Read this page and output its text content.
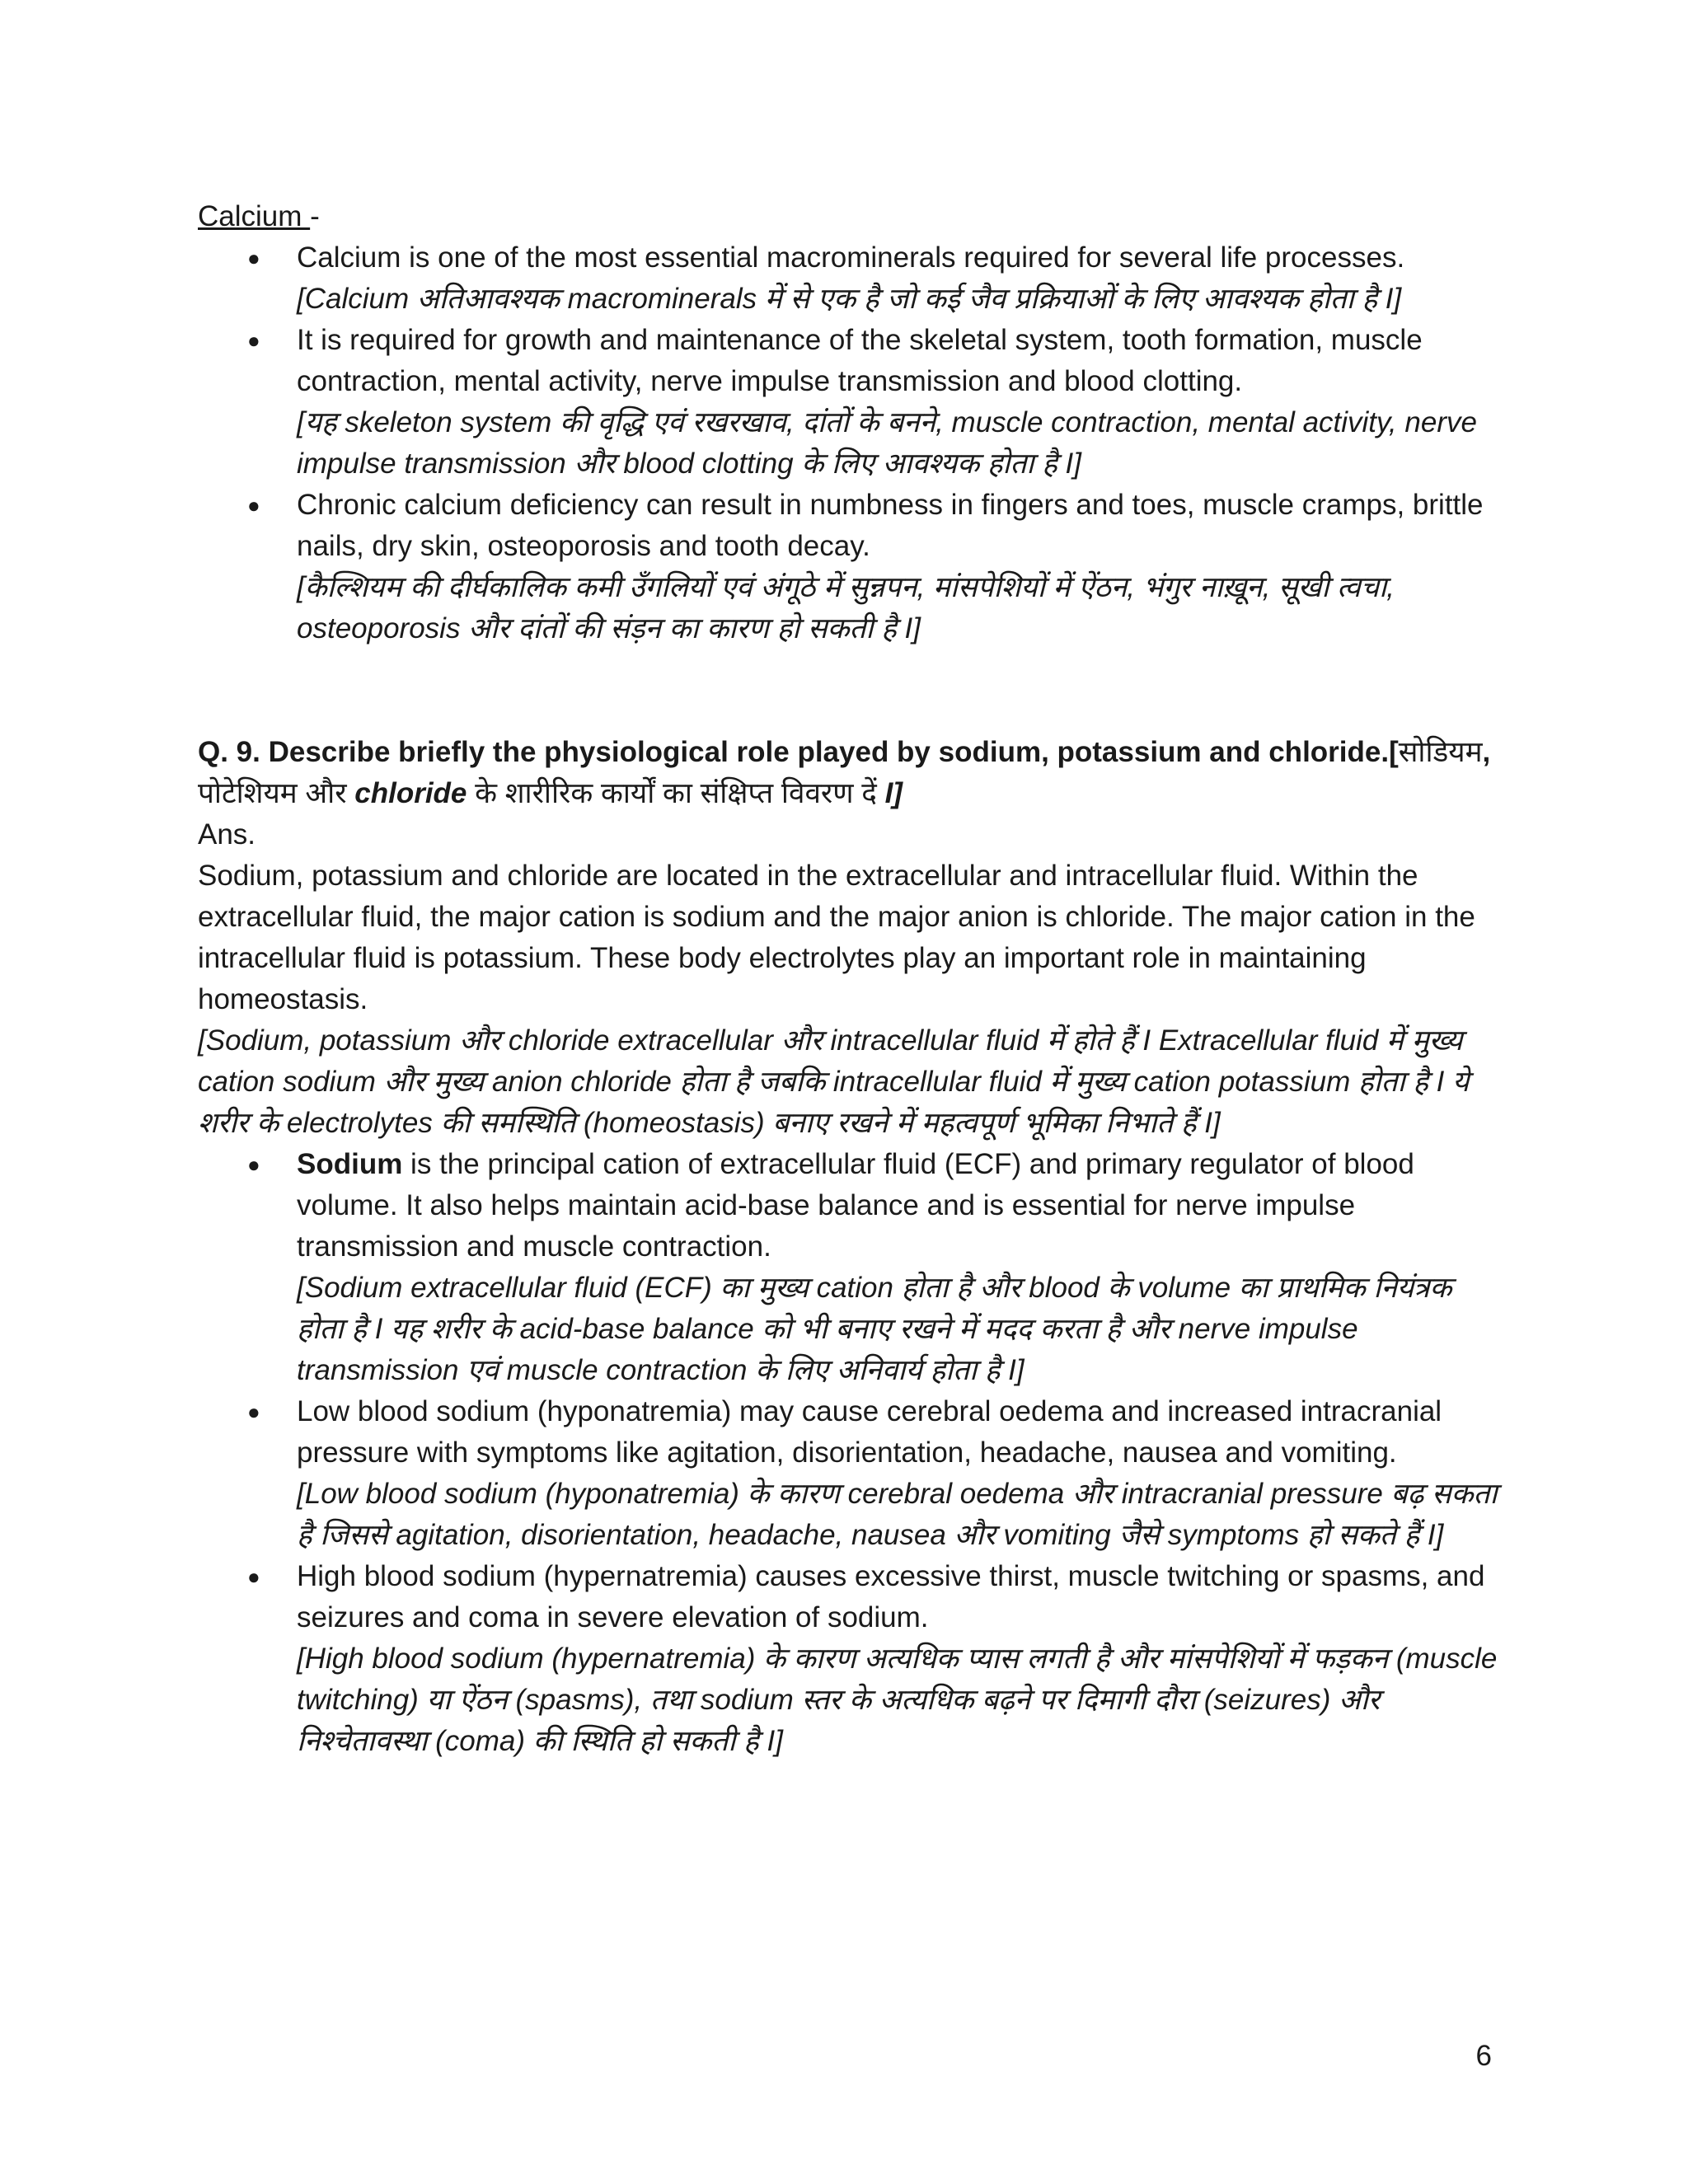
Calcium -
● Calcium is one of the most essential macrominerals required for several life processes.
[Calcium अतिआवश्यक macrominerals में से एक है जो कई जैव प्रक्रियाओं के लिए आवश्यक होता है I]
● It is required for growth and maintenance of the skeletal system, tooth formation, muscle contraction, mental activity, nerve impulse transmission and blood clotting.
[यह skeleton system की वृद्धि एवं रखरखाव, दांतों के बनने, muscle contraction, mental activity, nerve impulse transmission और blood clotting के लिए आवश्यक होता है I]
● Chronic calcium deficiency can result in numbness in fingers and toes, muscle cramps, brittle nails, dry skin, osteoporosis and tooth decay.
[कैल्शियम की दीर्घकालिक कमी उँगलियों एवं अंगूठे में सुन्नपन, मांसपेशियों में ऐंठन, भंगुर नाख़ून, सूखी त्वचा, osteoporosis और दांतों की संड़न का कारण हो सकती है I]
Q. 9. Describe briefly the physiological role played by sodium, potassium and chloride.[सोडियम, पोटेशियम और chloride के शारीरिक कार्यों का संक्षिप्त विवरण दें I]
Ans.

Sodium, potassium and chloride are located in the extracellular and intracellular fluid. Within the extracellular fluid, the major cation is sodium and the major anion is chloride. The major cation in the intracellular fluid is potassium. These body electrolytes play an important role in maintaining homeostasis.

[Sodium, potassium और chloride extracellular और intracellular fluid में होते हैं I Extracellular fluid में मुख्य cation sodium और मुख्य anion chloride होता है जबकि intracellular fluid में मुख्य cation potassium होता है I ये शरीर के electrolytes की समस्थिति (homeostasis) बनाए रखने में महत्वपूर्ण भूमिका निभाते हैं I]

● Sodium is the principal cation of extracellular fluid (ECF) and primary regulator of blood volume. It also helps maintain acid-base balance and is essential for nerve impulse transmission and muscle contraction.
[Sodium extracellular fluid (ECF) का मुख्य cation होता है और blood के volume का प्राथमिक नियंत्रक होता है I यह शरीर के acid-base balance को भी बनाए रखने में मदद करता है और nerve impulse transmission एवं muscle contraction के लिए अनिवार्य होता है I]
● Low blood sodium (hyponatremia) may cause cerebral oedema and increased intracranial pressure with symptoms like agitation, disorientation, headache, nausea and vomiting.
[Low blood sodium (hyponatremia) के कारण cerebral oedema और intracranial pressure बढ़ सकता है जिससे agitation, disorientation, headache, nausea और vomiting जैसे symptoms हो सकते हैं I]
● High blood sodium (hypernatremia) causes excessive thirst, muscle twitching or spasms, and seizures and coma in severe elevation of sodium.
[High blood sodium (hypernatremia) के कारण अत्यधिक प्यास लगती है और मांसपेशियों में फड़कन (muscle twitching) या ऐंठन (spasms), तथा sodium स्तर के अत्यधिक बढ़ने पर दिमागी दौरा (seizures) और निश्चेतावस्था (coma) की स्थिति हो सकती है I]
6
